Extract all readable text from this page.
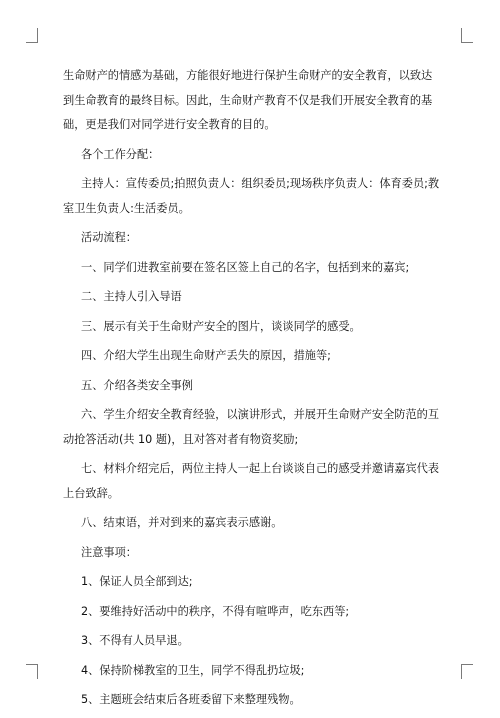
生命财产的情感为基础，方能很好地进行保护生命财产的安全教育，以致达到生命教育的最终目标。因此，生命财产教育不仅是我们开展安全教育的基础，更是我们对同学进行安全教育的目的。

各个工作分配：

主持人：宣传委员;拍照负责人：组织委员;现场秩序负责人：体育委员;教室卫生负责人:生活委员。

活动流程：

一、同学们进教室前要在签名区签上自己的名字，包括到来的嘉宾;

二、主持人引入导语

三、展示有关于生命财产安全的图片，谈谈同学的感受。

四、介绍大学生出现生命财产丢失的原因，措施等;

五、介绍各类安全事例

六、学生介绍安全教育经验，以演讲形式，并展开生命财产安全防范的互动抢答活动(共 10 题)，且对答对者有物资奖励;

七、材料介绍完后，两位主持人一起上台谈谈自己的感受并邀请嘉宾代表上台致辞。

八、结束语，并对到来的嘉宾表示感谢。

注意事项：

1、保证人员全部到达;

2、要维持好活动中的秩序，不得有喧哗声，吃东西等;

3、不得有人员早退。

4、保持阶梯教室的卫生，同学不得乱扔垃圾;

5、主题班会结束后各班委留下来整理残物。
